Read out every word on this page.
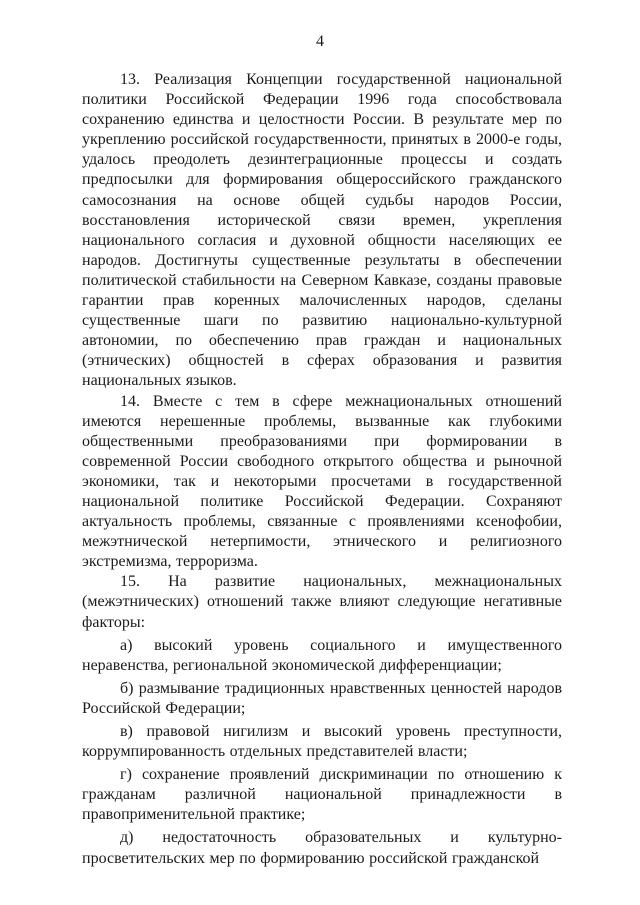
4

13. Реализация Концепции государственной национальной политики Российской Федерации 1996 года способствовала сохранению единства и целостности России. В результате мер по укреплению российской государственности, принятых в 2000-е годы, удалось преодолеть дезинтеграционные процессы и создать предпосылки для формирования общероссийского гражданского самосознания на основе общей судьбы народов России, восстановления исторической связи времен, укрепления национального согласия и духовной общности населяющих ее народов. Достигнуты существенные результаты в обеспечении политической стабильности на Северном Кавказе, созданы правовые гарантии прав коренных малочисленных народов, сделаны существенные шаги по развитию национально-культурной автономии, по обеспечению прав граждан и национальных (этнических) общностей в сферах образования и развития национальных языков.

14. Вместе с тем в сфере межнациональных отношений имеются нерешенные проблемы, вызванные как глубокими общественными преобразованиями при формировании в современной России свободного открытого общества и рыночной экономики, так и некоторыми просчетами в государственной национальной политике Российской Федерации. Сохраняют актуальность проблемы, связанные с проявлениями ксенофобии, межэтнической нетерпимости, этнического и религиозного экстремизма, терроризма.

15. На развитие национальных, межнациональных (межэтнических) отношений также влияют следующие негативные факторы:

а) высокий уровень социального и имущественного неравенства, региональной экономической дифференциации;

б) размывание традиционных нравственных ценностей народов Российской Федерации;

в) правовой нигилизм и высокий уровень преступности, коррумпированность отдельных представителей власти;

г) сохранение проявлений дискриминации по отношению к гражданам различной национальной принадлежности в правоприменительной практике;

д) недостаточность образовательных и культурно-просветительских мер по формированию российской гражданской
